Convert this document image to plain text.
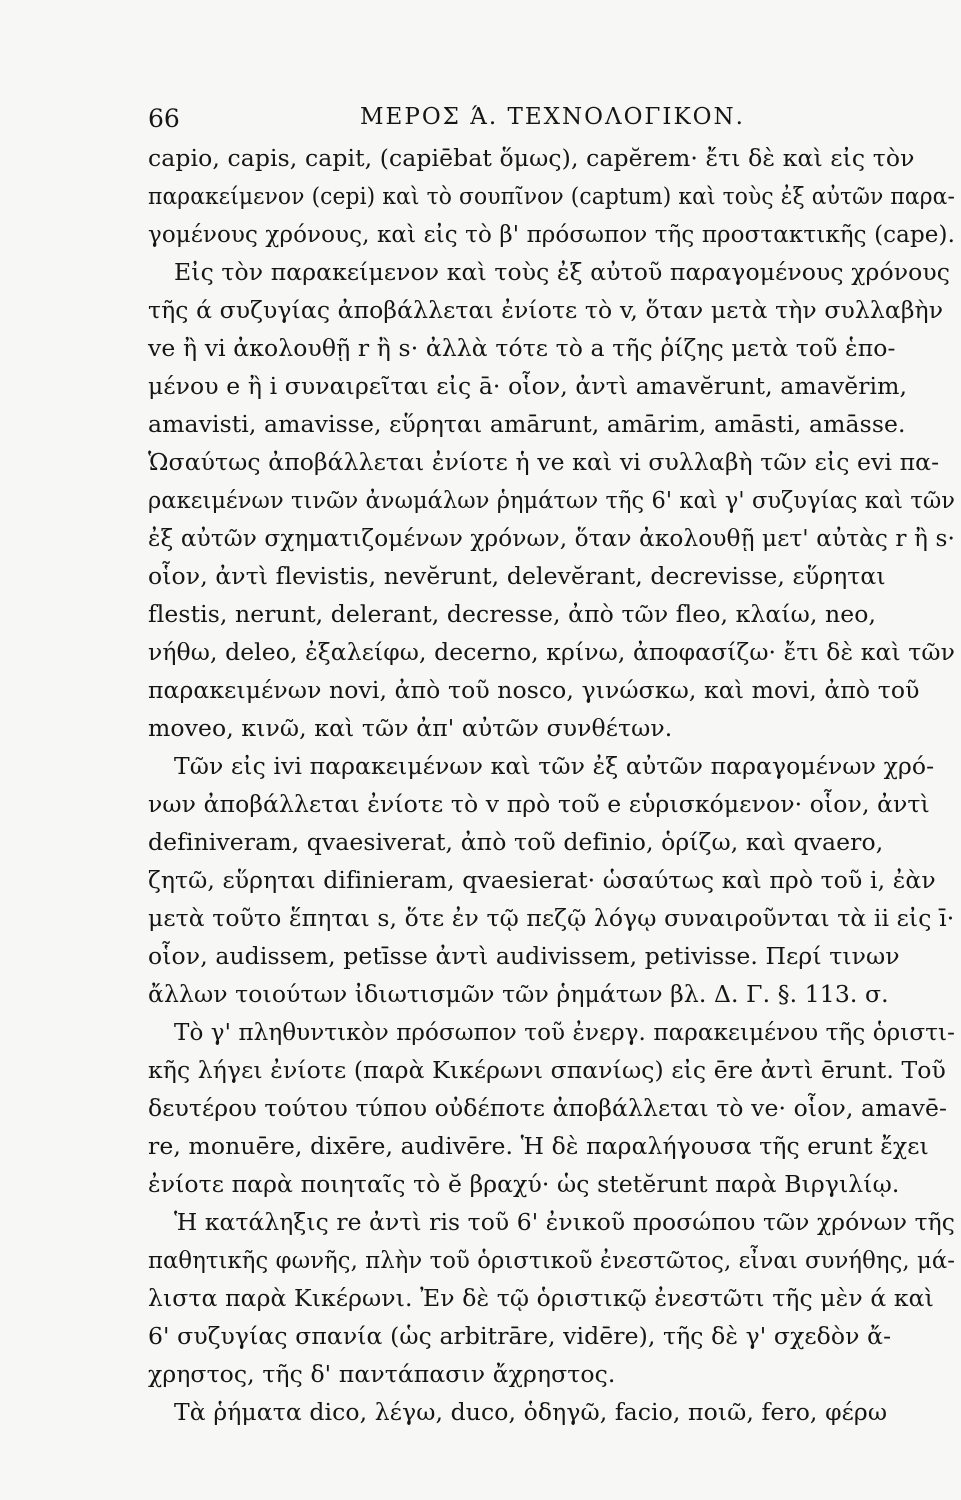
66	ΜΕΡΟΣ Ά. ΤΕΧΝΟΛΟΓΙΚΟΝ.
capio, capis, capit, (capiēbat ὅμως), capĕrem· ἔτι δὲ καὶ εἰς τὸν
παρακείμενον (cepi) καὶ τὸ σουπῖνον (captum) καὶ τοὺς ἐξ αὐτῶν παρα-
γομένους χρόνους, καὶ εἰς τὸ β' πρόσωπον τῆς προστακτικῆς (cape).
Εἰς τὸν παρακείμενον καὶ τοὺς ἐξ αὐτοῦ παραγομένους χρόνους
τῆς ά συζυγίας ἀποβάλλεται ἐνίοτε τὸ v, ὅταν μετὰ τὴν συλλαβὴν
ve ἢ vi ἀκολουθῇ r ἢ s· ἀλλὰ τότε τὸ a τῆς ῥίζης μετὰ τοῦ ἑπο-
μένου e ἢ i συναιρεῖται εἰς ā· οἷον, ἀντὶ amavĕrunt, amavĕrim,
amavisti, amavisse, εὕρηται amārunt, amārim, amāsti, amāsse.
Ὡσαύτως ἀποβάλλεται ἐνίοτε ἡ ve καὶ vi συλλαβὴ τῶν εἰς evi πα-
ρακειμένων τινῶν ἀνωμάλων ῥημάτων τῆς 6' καὶ γ' συζυγίας καὶ τῶν
ἐξ αὐτῶν σχηματιζομένων χρόνων, ὅταν ἀκολουθῇ μετ' αὐτὰς r ἢ s·
οἷον, ἀντὶ flevistis, nevĕrunt, delevĕrant, decrevisse, εὕρηται
flestis, nerunt, delerant, decresse, ἀπὸ τῶν fleo, κλαίω, neo,
νήθω, deleo, ἐξαλείφω, decerno, κρίνω, ἀποφασίζω· ἔτι δὲ καὶ τῶν
παρακειμένων novi, ἀπὸ τοῦ nosco, γινώσκω, καὶ movi, ἀπὸ τοῦ
moveo, κινῶ, καὶ τῶν ἀπ' αὐτῶν συνθέτων.
Τῶν εἰς ivi παρακειμένων καὶ τῶν ἐξ αὐτῶν παραγομένων χρό-
νων ἀποβάλλεται ἐνίοτε τὸ v πρὸ τοῦ e εὑρισκόμενον· οἷον, ἀντὶ
definiveram, qvaesiverat, ἀπὸ τοῦ definio, ὁρίζω, καὶ qvaero,
ζητῶ, εὕρηται difinieram, qvaesierat· ὡσαύτως καὶ πρὸ τοῦ i, ἐὰν
μετὰ τοῦτο ἕπηται s, ὅτε ἐν τῷ πεζῷ λόγῳ συναιροῦνται τὰ ii εἰς ī·
οἷον, audissem, petīsse ἀντὶ audivissem, petivisse. Περί τινων
ἄλλων τοιούτων ἰδιωτισμῶν τῶν ῥημάτων βλ. Δ. Γ. §. 113. σ.
Τὸ γ' πληθυντικὸν πρόσωπον τοῦ ἐνεργ. παρακειμένου τῆς ὁριστι-
κῆς λήγει ἐνίοτε (παρὰ Κικέρωνι σπανίως) εἰς ēre ἀντὶ ērunt. Τοῦ
δευτέρου τούτου τύπου οὐδέποτε ἀποβάλλεται τὸ ve· οἷον, amavē-
re, monuēre, dixēre, audivēre. Ἡ δὲ παραλήγουσα τῆς erunt ἔχει
ἐνίοτε παρὰ ποιηταῖς τὸ ĕ βραχύ· ὡς stetĕrunt παρὰ Βιργιλίῳ.
Ἡ κατάληξις re ἀντὶ ris τοῦ 6' ἐνικοῦ προσώπου τῶν χρόνων τῆς
παθητικῆς φωνῆς, πλὴν τοῦ ὁριστικοῦ ἐνεστῶτος, εἶναι συνήθης, μά-
λιστα παρὰ Κικέρωνι. Ἐν δὲ τῷ ὁριστικῷ ἐνεστῶτι τῆς μὲν ά καὶ
6' συζυγίας σπανία (ὡς arbitrāre, vidēre), τῆς δὲ γ' σχεδὸν ἄ-
χρηστος, τῆς δ' παντάπασιν ἄχρηστος.
Τὰ ῥήματα dico, λέγω, duco, ὁδηγῶ, facio, ποιῶ, fero, φέρω
